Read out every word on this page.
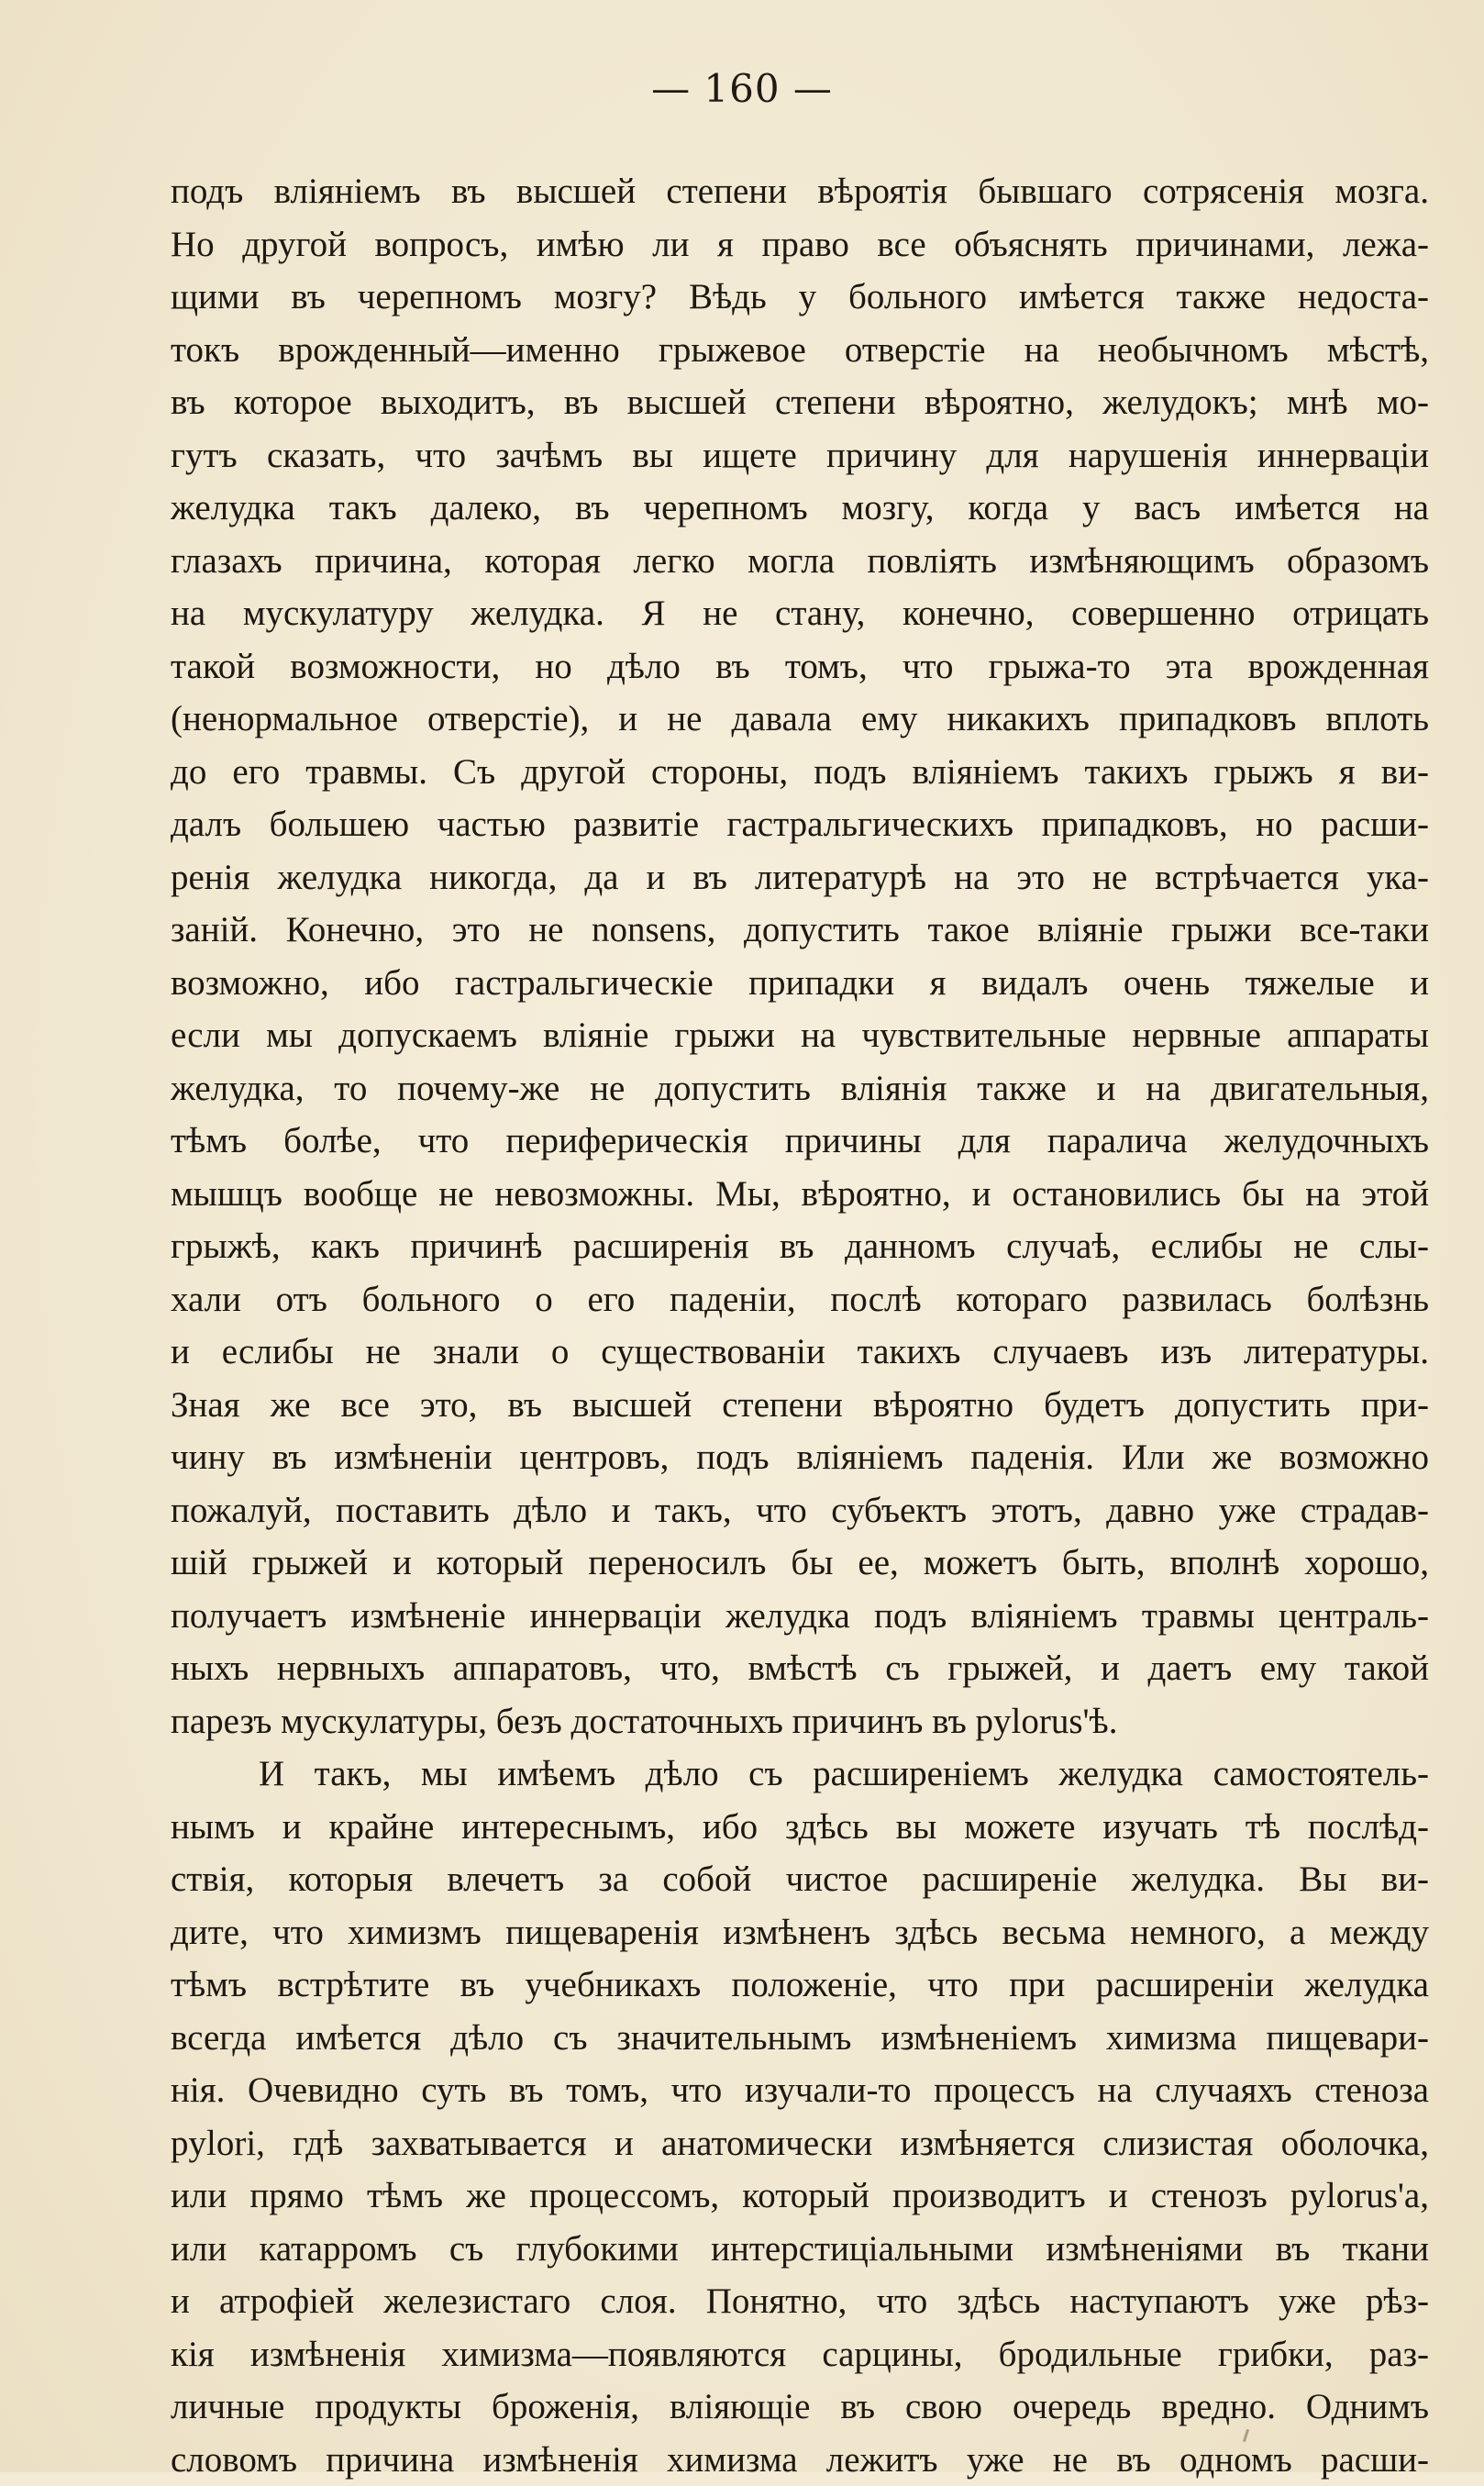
— 160 —
подъ вліяніемъ въ высшей степени вѣроятія бывшаго сотрясенія мозга.
Но другой вопросъ, имѣю ли я право все объяснять причинами, лежа-
щими въ черепномъ мозгу? Вѣдь у больного имѣется также недоста-
токъ врожденный—именно грыжевое отверстіе на необычномъ мѣстѣ,
въ которое выходитъ, въ высшей степени вѣроятно, желудокъ; мнѣ мо-
гутъ сказать, что зачѣмъ вы ищете причину для нарушенія иннерваціи
желудка такъ далеко, въ черепномъ мозгу, когда у васъ имѣется на
глазахъ причина, которая легко могла повліять измѣняющимъ образомъ
на мускулатуру желудка. Я не стану, конечно, совершенно отрицать
такой возможности, но дѣло въ томъ, что грыжа-то эта врожденная
(ненормальное отверстіе), и не давала ему никакихъ припадковъ вплоть
до его травмы. Съ другой стороны, подъ вліяніемъ такихъ грыжъ я ви-
далъ большею частью развитіе гастральгическихъ припадковъ, но расши-
ренія желудка никогда, да и въ литературѣ на это не встрѣчается ука-
заній. Конечно, это не nonsens, допустить такое вліяніе грыжи все-таки
возможно, ибо гастральгическіе припадки я видалъ очень тяжелые и
если мы допускаемъ вліяніе грыжи на чувствительные нервные аппараты
желудка, то почему-же не допустить вліянія также и на двигательныя,
тѣмъ болѣе, что периферическія причины для паралича желудочныхъ
мышцъ вообще не невозможны. Мы, вѣроятно, и остановились бы на этой
грыжѣ, какъ причинѣ расширенія въ данномъ случаѣ, еслибы не слы-
хали отъ больного о его паденіи, послѣ котораго развилась болѣзнь
и еслибы не знали о существованіи такихъ случаевъ изъ литературы.
Зная же все это, въ высшей степени вѣроятно будетъ допустить при-
чину въ измѣненіи центровъ, подъ вліяніемъ паденія. Или же возможно
пожалуй, поставить дѣло и такъ, что субъектъ этотъ, давно уже страдав-
шій грыжей и который переносилъ бы ее, можетъ быть, вполнѣ хорошо,
получаетъ измѣненіе иннерваціи желудка подъ вліяніемъ травмы централь-
ныхъ нервныхъ аппаратовъ, что, вмѣстѣ съ грыжей, и даетъ ему такой
парезъ мускулатуры, безъ достаточныхъ причинъ въ pylorus'ѣ.
И такъ, мы имѣемъ дѣло съ расширеніемъ желудка самостоятель-
нымъ и крайне интереснымъ, ибо здѣсь вы можете изучать тѣ послѣд-
ствія, которыя влечетъ за собой чистое расширеніе желудка. Вы ви-
дите, что химизмъ пищеваренія измѣненъ здѣсь весьма немного, а между
тѣмъ встрѣтите въ учебникахъ положеніе, что при расширеніи желудка
всегда имѣется дѣло съ значительнымъ измѣненіемъ химизма пищевари-
нія. Очевидно суть въ томъ, что изучали-то процессъ на случаяхъ стеноза
pylori, гдѣ захватывается и анатомически измѣняется слизистая оболочка,
или прямо тѣмъ же процессомъ, который производитъ и стенозъ pylorus'a,
или катарромъ съ глубокими интерстиціальными измѣненіями въ ткани
и атрофіей железистаго слоя. Понятно, что здѣсь наступаютъ уже рѣз-
кія измѣненія химизма—появляются сарцины, бродильные грибки, раз-
личные продукты броженія, вліяющіе въ свою очередь вредно. Однимъ
словомъ причина измѣненія химизма лежитъ уже не въ одномъ расши-
